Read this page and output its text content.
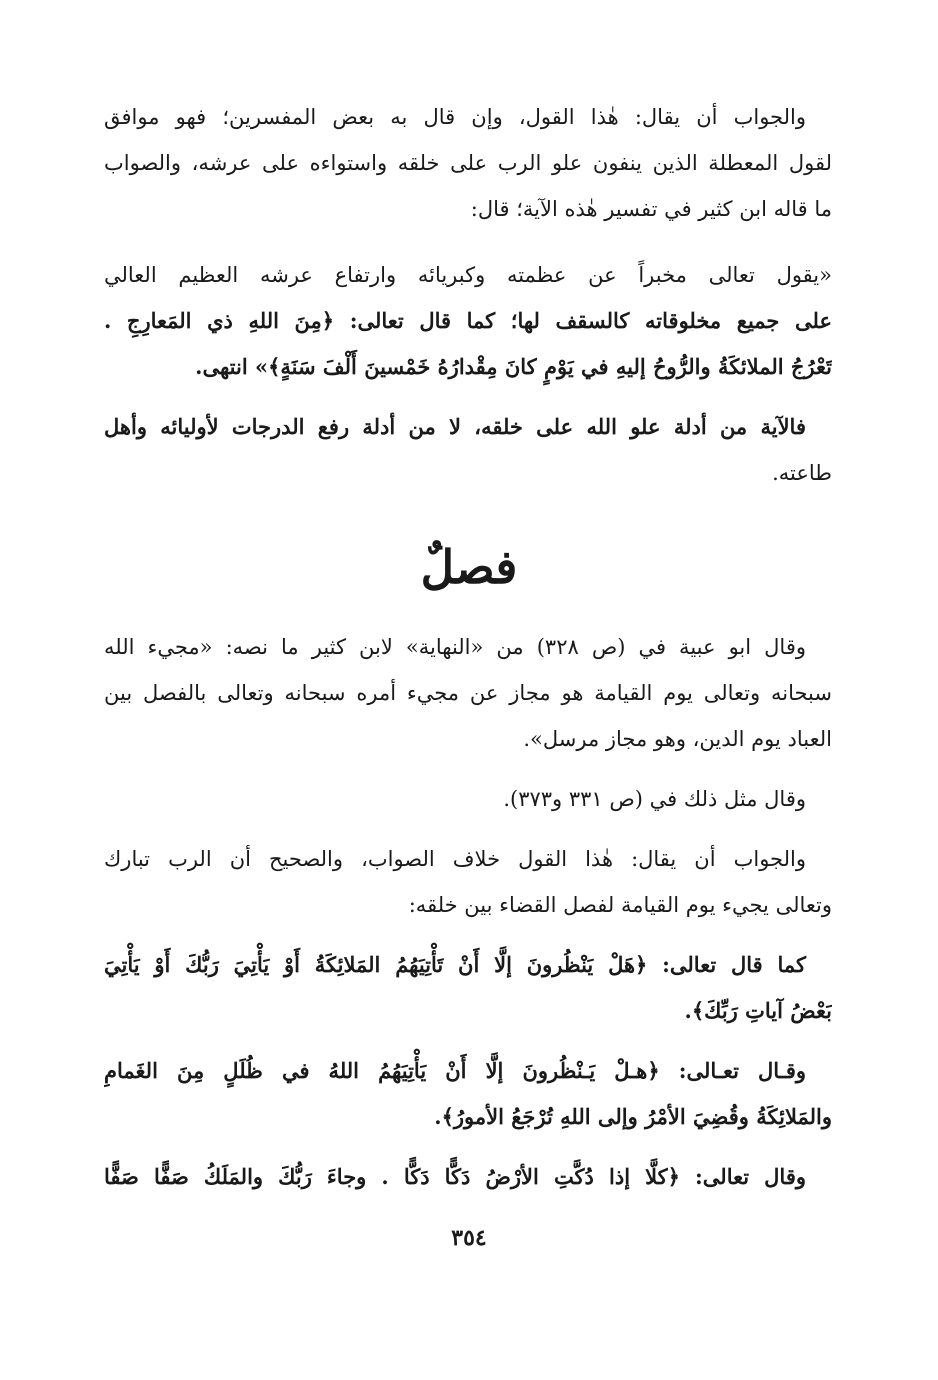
والجواب أن يقال: هٰذا القول، وإن قال به بعض المفسرين؛ فهو موافق
لقول المعطلة الذين ينفون علو الرب على خلقه واستواءه على عرشه، والصواب
ما قاله ابن كثير في تفسير هٰذه الآية؛ قال:
«يقول تعالى مخبراً عن عظمته وكبريائه وارتفاع عرشه العظيم العالي
على جميع مخلوقاته كالسقف لها؛ كما قال تعالى: ﴿مِنَ اللهِ ذي المَعارِجِ .
تَعْرُجُ الملائكَةُ والرُّوحُ إليهِ في يَوْمٍ كانَ مِقْدارُهُ خَمْسينَ أَلْفَ سَنَةٍ﴾» انتهى.
فالآية من أدلة علو الله على خلقه، لا من أدلة رفع الدرجات لأوليائه وأهل
طاعته.
فصلٌ
وقال ابو عبية في (ص ٣٢٨) من «النهاية» لابن كثير ما نصه: «مجيء الله
سبحانه وتعالى يوم القيامة هو مجاز عن مجيء أمره سبحانه وتعالى بالفصل بين
العباد يوم الدين، وهو مجاز مرسل».
وقال مثل ذلك في (ص ٣٣١ و٣٧٣).
والجواب أن يقال: هٰذا القول خلاف الصواب، والصحيح أن الرب تبارك
وتعالى يجيء يوم القيامة لفصل القضاء بين خلقه:
كما قال تعالى: ﴿هَلْ يَنْظُرونَ إلَّا أَنْ تَأْتِيَهُمُ المَلائِكَةُ أَوْ يَأْتِيَ رَبُّكَ أَوْ يَأْتِيَ
بَعْضُ آياتِ رَبِّكَ﴾.
وقـال تعـالى: ﴿هـلْ يَـنْظُرونَ إلَّا أَنْ يَأْتِيَهُمُ اللهُ في ظُلَلٍ مِنَ الغَمامِ
والمَلائِكَةُ وقُضِيَ الأمْرُ وإلى اللهِ تُرْجَعُ الأمورُ﴾.
وقال تعالى: ﴿كلَّا إذا دُكَّتِ الأرْضُ دَكًّا دَكًّا . وجاءَ رَبُّكَ والمَلَكُ صَفًّا صَفًّا
٣٥٤
